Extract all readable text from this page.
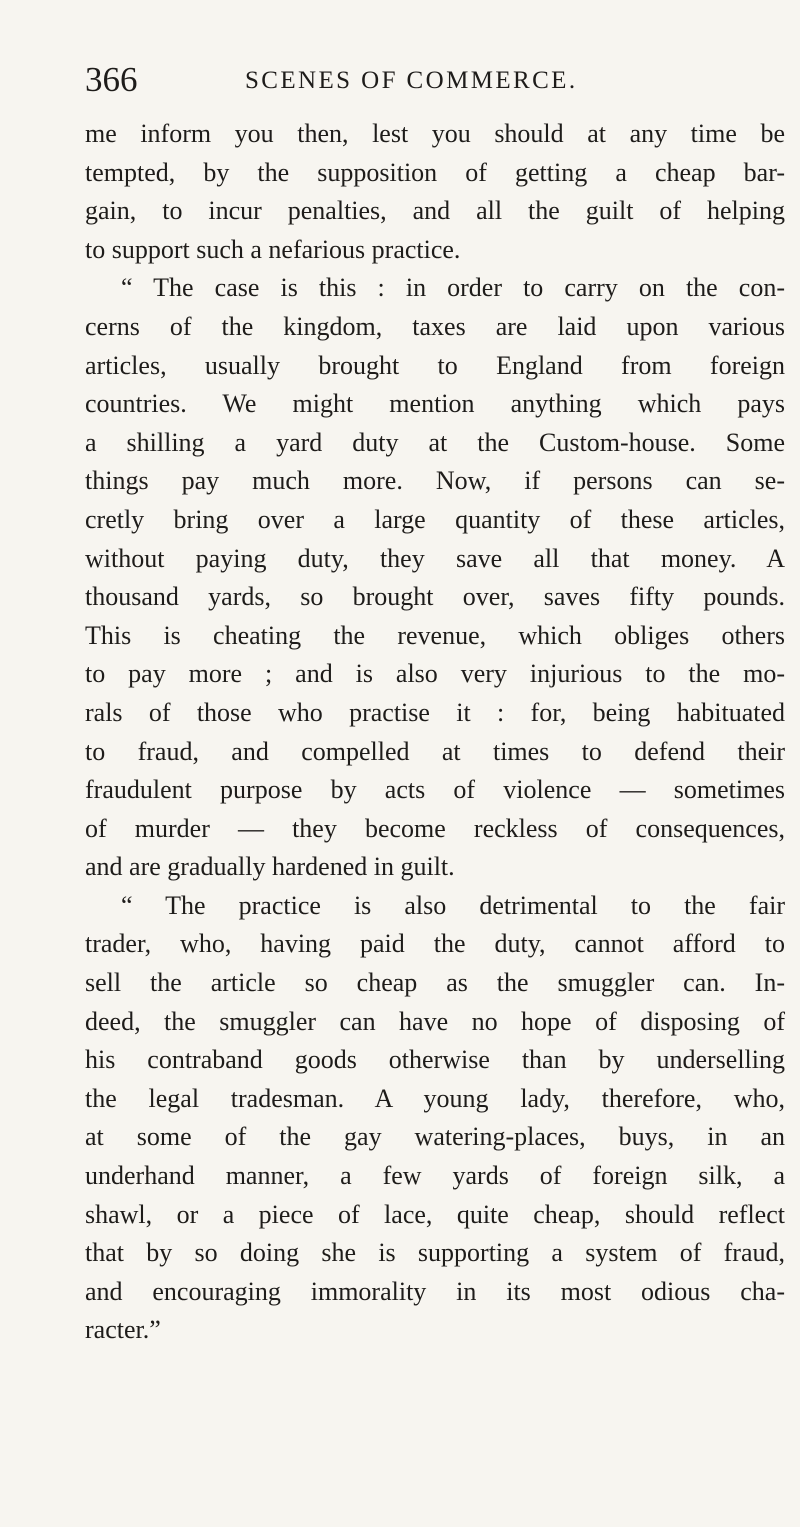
366	SCENES OF COMMERCE.
me inform you then, lest you should at any time be
tempted, by the supposition of getting a cheap bar-
gain, to incur penalties, and all the guilt of helping
to support such a nefarious practice.
“ The case is this : in order to carry on the con-
cerns of the kingdom, taxes are laid upon various
articles, usually brought to England from foreign
countries. We might mention anything which pays
a shilling a yard duty at the Custom-house. Some
things pay much more. Now, if persons can se-
cretly bring over a large quantity of these articles,
without paying duty, they save all that money. A
thousand yards, so brought over, saves fifty pounds.
This is cheating the revenue, which obliges others
to pay more ; and is also very injurious to the mo-
rals of those who practise it : for, being habituated
to fraud, and compelled at times to defend their
fraudulent purpose by acts of violence — sometimes
of murder — they become reckless of consequences,
and are gradually hardened in guilt.
“ The practice is also detrimental to the fair
trader, who, having paid the duty, cannot afford to
sell the article so cheap as the smuggler can. In-
deed, the smuggler can have no hope of disposing of
his contraband goods otherwise than by underselling
the legal tradesman. A young lady, therefore, who,
at some of the gay watering-places, buys, in an
underhand manner, a few yards of foreign silk, a
shawl, or a piece of lace, quite cheap, should reflect
that by so doing she is supporting a system of fraud,
and encouraging immorality in its most odious cha-
racter.”
